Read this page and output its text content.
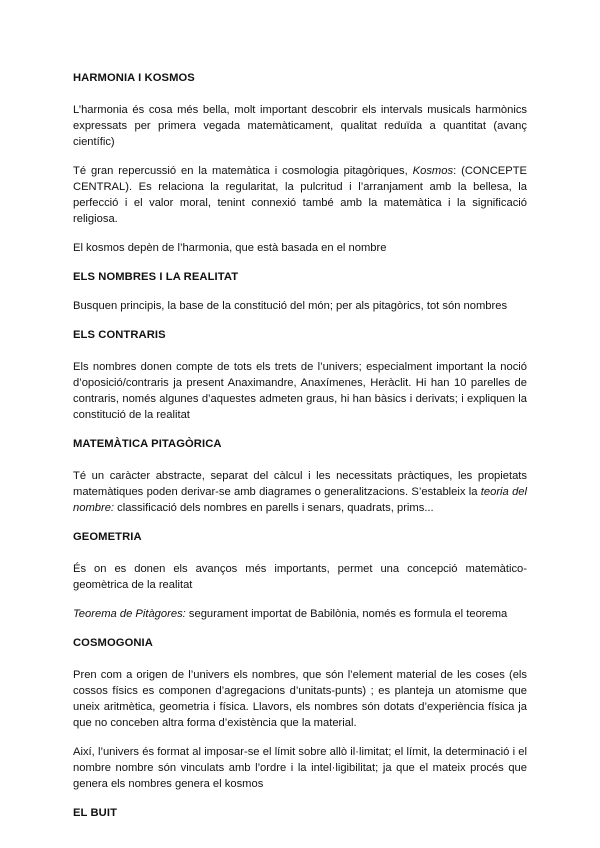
HARMONIA I KOSMOS

L’harmonia és cosa més bella, molt important descobrir els intervals musicals harmònics expressats per primera vegada matemàticament, qualitat reduïda a quantitat (avanç científic)

Té gran repercussió en la matemàtica i cosmologia pitagòriques, Kosmos: (CONCEPTE CENTRAL). Es relaciona la regularitat, la pulcritud i l’arranjament amb la bellesa, la perfecció i el valor moral, tenint connexió també amb la matemàtica i la significació religiosa.

El kosmos depèn de l’harmonia, que està basada en el nombre

ELS NOMBRES I LA REALITAT

Busquen principis, la base de la constitució del món; per als pitagòrics, tot són nombres

ELS CONTRARIS

Els nombres donen compte de tots els trets de l’univers; especialment important la noció d’oposició/contraris ja present Anaximandre, Anaxímenes, Heràclit. Hi han 10 parelles de contraris, només algunes d’aquestes admeten graus, hi han bàsics i derivats; i expliquen la constitució de la realitat

MATEMÀTICA PITAGÒRICA

Té un caràcter abstracte, separat del càlcul i les necessitats pràctiques, les propietats matemàtiques poden derivar-se amb diagrames o generalitzacions. S’estableix la teoria del nombre: classificació dels nombres en parells i senars, quadrats, prims...

GEOMETRIA

És on es donen els avanços més importants, permet una concepció matemàtico-geomètrica de la realitat

Teorema de Pitàgores: segurament importat de Babilònia, només es formula el teorema

COSMOGONIA

Pren com a origen de l’univers els nombres, que són l’element material de les coses (els cossos físics es componen d’agregacions d’unitats-punts) ; es planteja un atomisme que uneix aritmètica, geometria i física. Llavors, els nombres són dotats d’experiència física ja que no conceben altra forma d’existència que la material.

Així, l’univers és format al imposar-se el límit sobre allò il·limitat; el límit, la determinació i el nombre nombre són vinculats amb l’ordre i la intel·ligibilitat; ja que el mateix procés que genera els nombres genera el kosmos

EL BUIT
